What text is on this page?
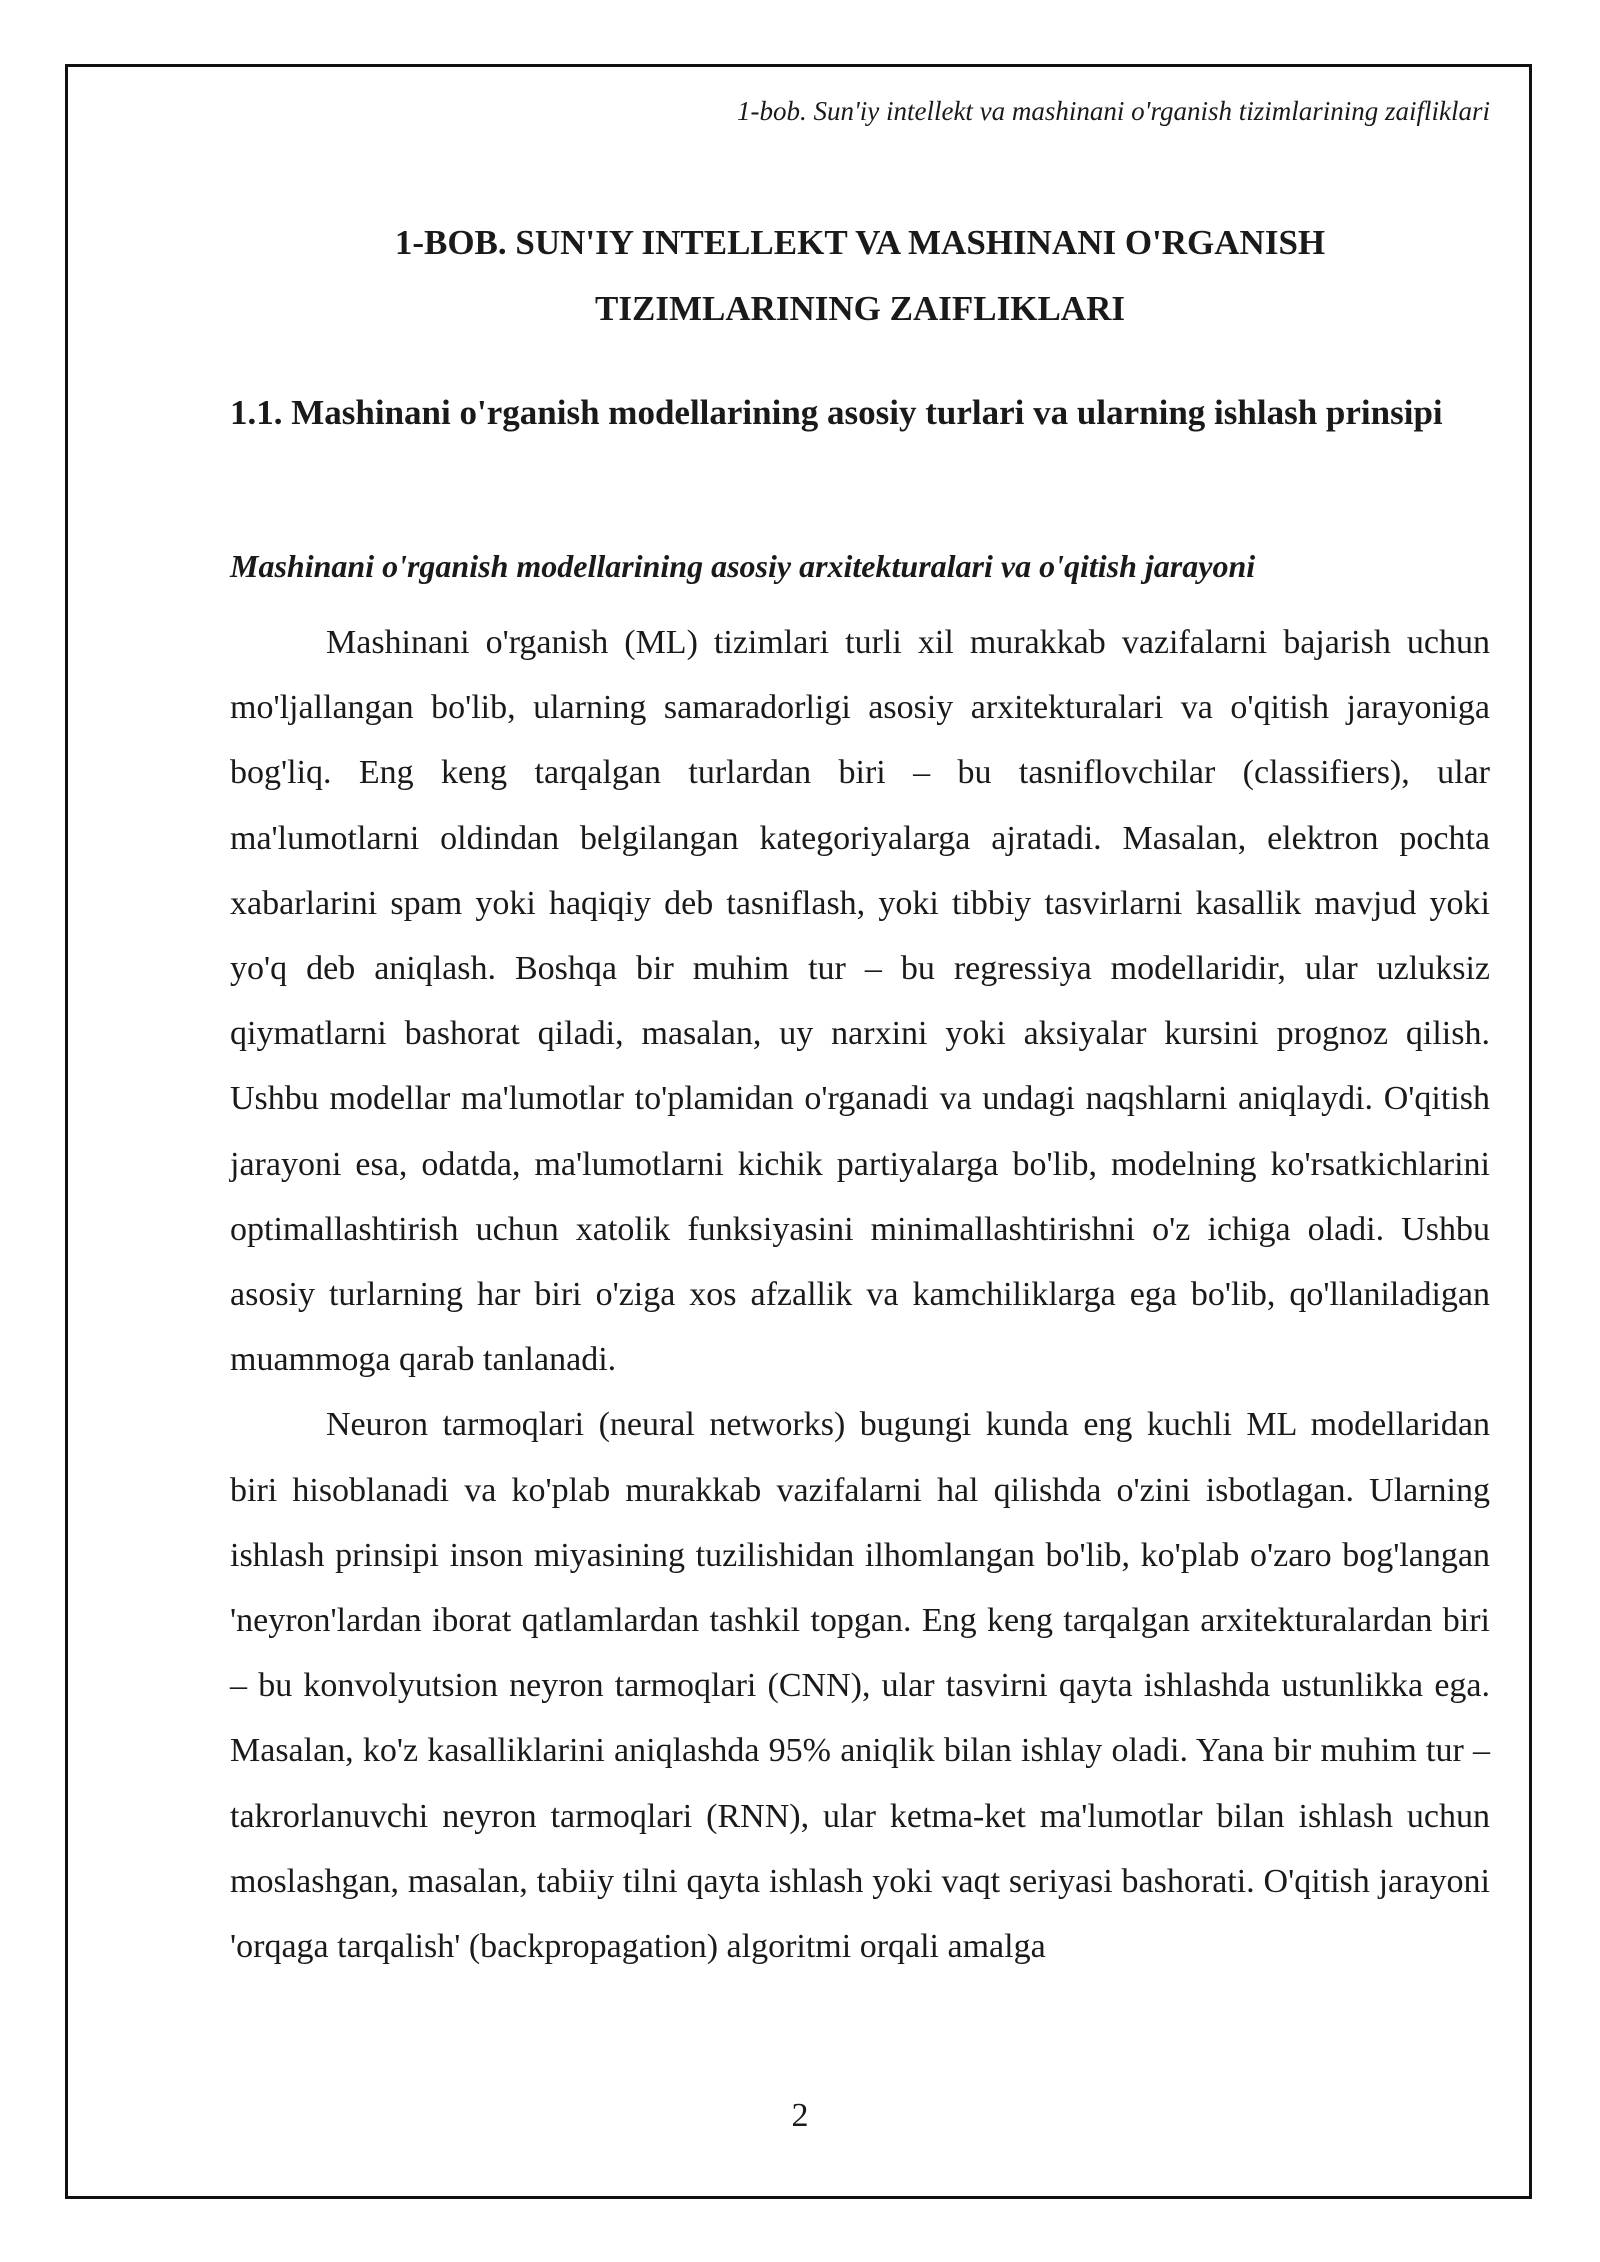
1-bob. Sun'iy intellekt va mashinani o'rganish tizimlarining zaifliklari
1-BOB. SUN'IY INTELLEKT VA MASHINANI O'RGANISH
TIZIMLARINING ZAIFLIKLARI
1.1. Mashinani o'rganish modellarining asosiy turlari va ularning ishlash prinsipi
Mashinani o'rganish modellarining asosiy arxitekturalari va o'qitish jarayoni

Mashinani o'rganish (ML) tizimlari turli xil murakkab vazifalarni bajarish uchun mo'ljallangan bo'lib, ularning samaradorligi asosiy arxitekturalari va o'qitish jarayoniga bog'liq. Eng keng tarqalgan turlardan biri – bu tasniflovchilar (classifiers), ular ma'lumotlarni oldindan belgilangan kategoriyalarga ajratadi. Masalan, elektron pochta xabarlarini spam yoki haqiqiy deb tasniflash, yoki tibbiy tasvirlarni kasallik mavjud yoki yo'q deb aniqlash. Boshqa bir muhim tur – bu regressiya modellaridir, ular uzluksiz qiymatlarni bashorat qiladi, masalan, uy narxini yoki aksiyalar kursini prognoz qilish. Ushbu modellar ma'lumotlar to'plamidan o'rganadi va undagi naqshlarni aniqlaydi. O'qitish jarayoni esa, odatda, ma'lumotlarni kichik partiyalarga bo'lib, modelning ko'rsatkichlarini optimallashtirish uchun xatolik funksiyasini minimallashtirishni o'z ichiga oladi. Ushbu asosiy turlarning har biri o'ziga xos afzallik va kamchiliklarga ega bo'lib, qo'llaniladigan muammoga qarab tanlanadi.

Neuron tarmoqlari (neural networks) bugungi kunda eng kuchli ML modellaridan biri hisoblanadi va ko'plab murakkab vazifalarni hal qilishda o'zini isbotlagan. Ularning ishlash prinsipi inson miyasining tuzilishidan ilhomlangan bo'lib, ko'plab o'zaro bog'langan 'neyron'lardan iborat qatlamlardan tashkil topgan. Eng keng tarqalgan arxitekturalardan biri – bu konvolyutsion neyron tarmoqlari (CNN), ular tasvirni qayta ishlashda ustunlikka ega. Masalan, ko'z kasalliklarini aniqlashda 95% aniqlik bilan ishlay oladi. Yana bir muhim tur – takrorlanuvchi neyron tarmoqlari (RNN), ular ketma-ket ma'lumotlar bilan ishlash uchun moslashgan, masalan, tabiiy tilni qayta ishlash yoki vaqt seriyasi bashorati. O'qitish jarayoni 'orqaga tarqalish' (backpropagation) algoritmi orqali amalga

2
